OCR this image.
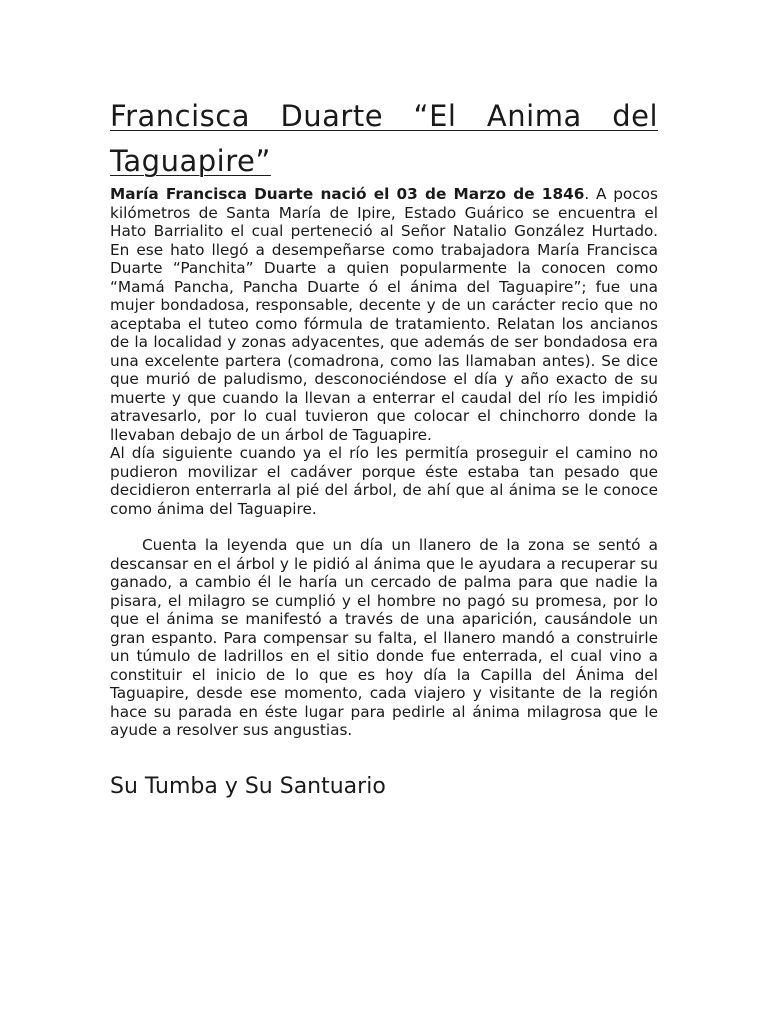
Francisca Duarte “El Anima del Taguapire”

María Francisca Duarte nació el 03 de Marzo de 1846. A pocos kilómetros de Santa María de Ipire, Estado Guárico se encuentra el Hato Barrialito el cual perteneció al Señor Natalio González Hurtado. En ese hato llegó a desempeñarse como trabajadora María Francisca Duarte “Panchita” Duarte a quien popularmente la conocen como “Mamá Pancha, Pancha Duarte ó el ánima del Taguapire”; fue una mujer bondadosa, responsable, decente y de un carácter recio que no aceptaba el tuteo como fórmula de tratamiento. Relatan los ancianos de la localidad y zonas adyacentes, que además de ser bondadosa era una excelente partera (comadrona, como las llamaban antes). Se dice que murió de paludismo, desconociéndose el día y año exacto de su muerte y que cuando la llevan a enterrar el caudal del río les impidió atravesarlo, por lo cual tuvieron que colocar el chinchorro donde la llevaban debajo de un árbol de Taguapire.

Al día siguiente cuando ya el río les permitía proseguir el camino no pudieron movilizar el cadáver porque éste estaba tan pesado que decidieron enterrarla al pié del árbol, de ahí que al ánima se le conoce como ánima del Taguapire.

Cuenta la leyenda que un día un llanero de la zona se sentó a descansar en el árbol y le pidió al ánima que le ayudara a recuperar su ganado, a cambio él le haría un cercado de palma para que nadie la pisara, el milagro se cumplió y el hombre no pagó su promesa, por lo que el ánima se manifestó a través de una aparición, causándole un gran espanto. Para compensar su falta, el llanero mandó a construirle un túmulo de ladrillos en el sitio donde fue enterrada, el cual vino a constituir el inicio de lo que es hoy día la Capilla del Ánima del Taguapire, desde ese momento, cada viajero y visitante de la región hace su parada en éste lugar para pedirle al ánima milagrosa que le ayude a resolver sus angustias.

Su Tumba y Su Santuario
